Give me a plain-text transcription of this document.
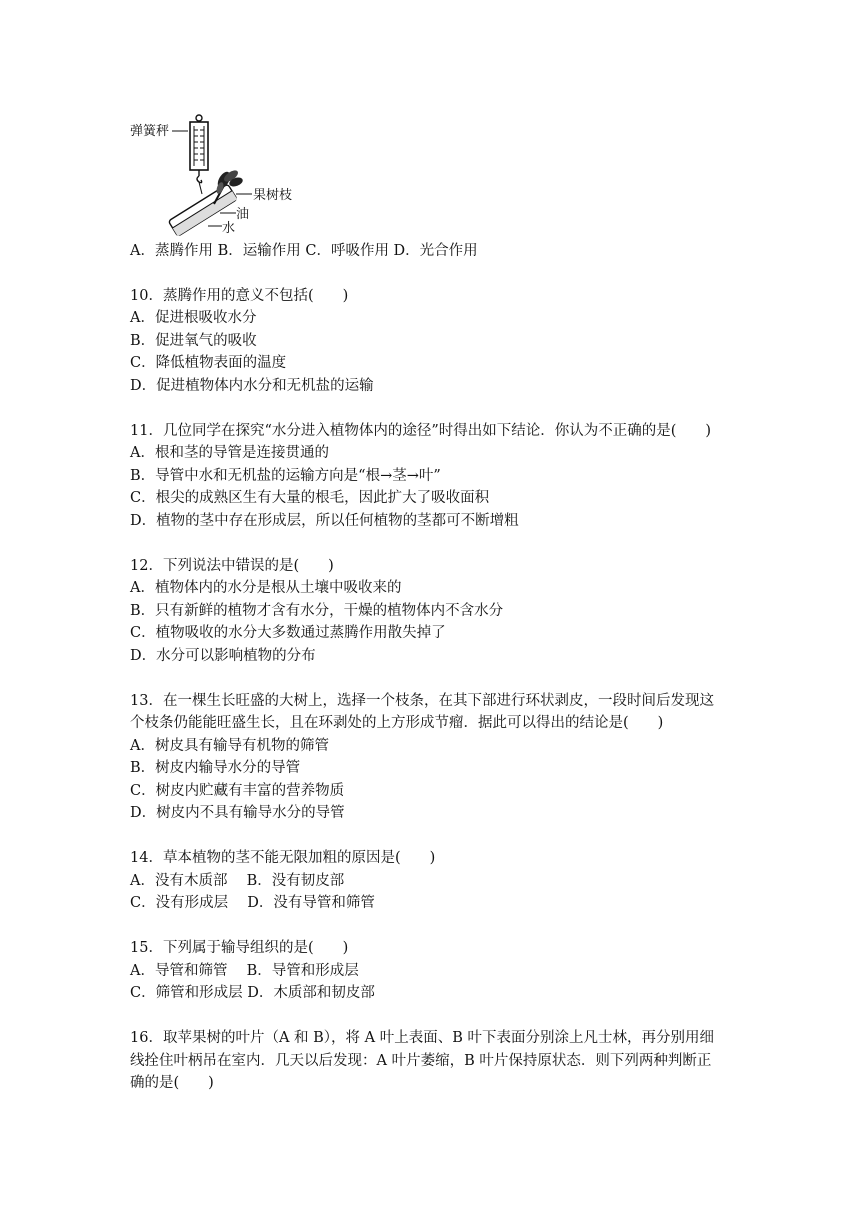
弹簧秤
果树枝
油
水
A．蒸腾作用 B．运输作用 C．呼吸作用 D．光合作用
10．蒸腾作用的意义不包括(　　)
A．促进根吸收水分
B．促进氧气的吸收
C．降低植物表面的温度
D．促进植物体内水分和无机盐的运输
11．几位同学在探究“水分进入植物体内的途径”时得出如下结论．你认为不正确的是(　　)
A．根和茎的导管是连接贯通的
B．导管中水和无机盐的运输方向是“根→茎→叶”
C．根尖的成熟区生有大量的根毛，因此扩大了吸收面积
D．植物的茎中存在形成层，所以任何植物的茎都可不断增粗
12．下列说法中错误的是(　　)
A．植物体内的水分是根从土壤中吸收来的
B．只有新鲜的植物才含有水分，干燥的植物体内不含水分
C．植物吸收的水分大多数通过蒸腾作用散失掉了
D．水分可以影响植物的分布
13．在一棵生长旺盛的大树上，选择一个枝条，在其下部进行环状剥皮，一段时间后发现这
个枝条仍能能旺盛生长，且在环剥处的上方形成节瘤．据此可以得出的结论是(　　)
A．树皮具有输导有机物的筛管
B．树皮内输导水分的导管
C．树皮内贮藏有丰富的营养物质
D．树皮内不具有输导水分的导管
14．草本植物的茎不能无限加粗的原因是(　　)
A．没有木质部　 B．没有韧皮部
C．没有形成层　 D．没有导管和筛管
15．下列属于输导组织的是(　　)
A．导管和筛管　 B．导管和形成层
C．筛管和形成层 D．木质部和韧皮部
16．取苹果树的叶片（A 和 B），将 A 叶上表面、B 叶下表面分别涂上凡士林，再分别用细
线拴住叶柄吊在室内．几天以后发现：A 叶片萎缩，B 叶片保持原状态．则下列两种判断正
确的是(　　)
